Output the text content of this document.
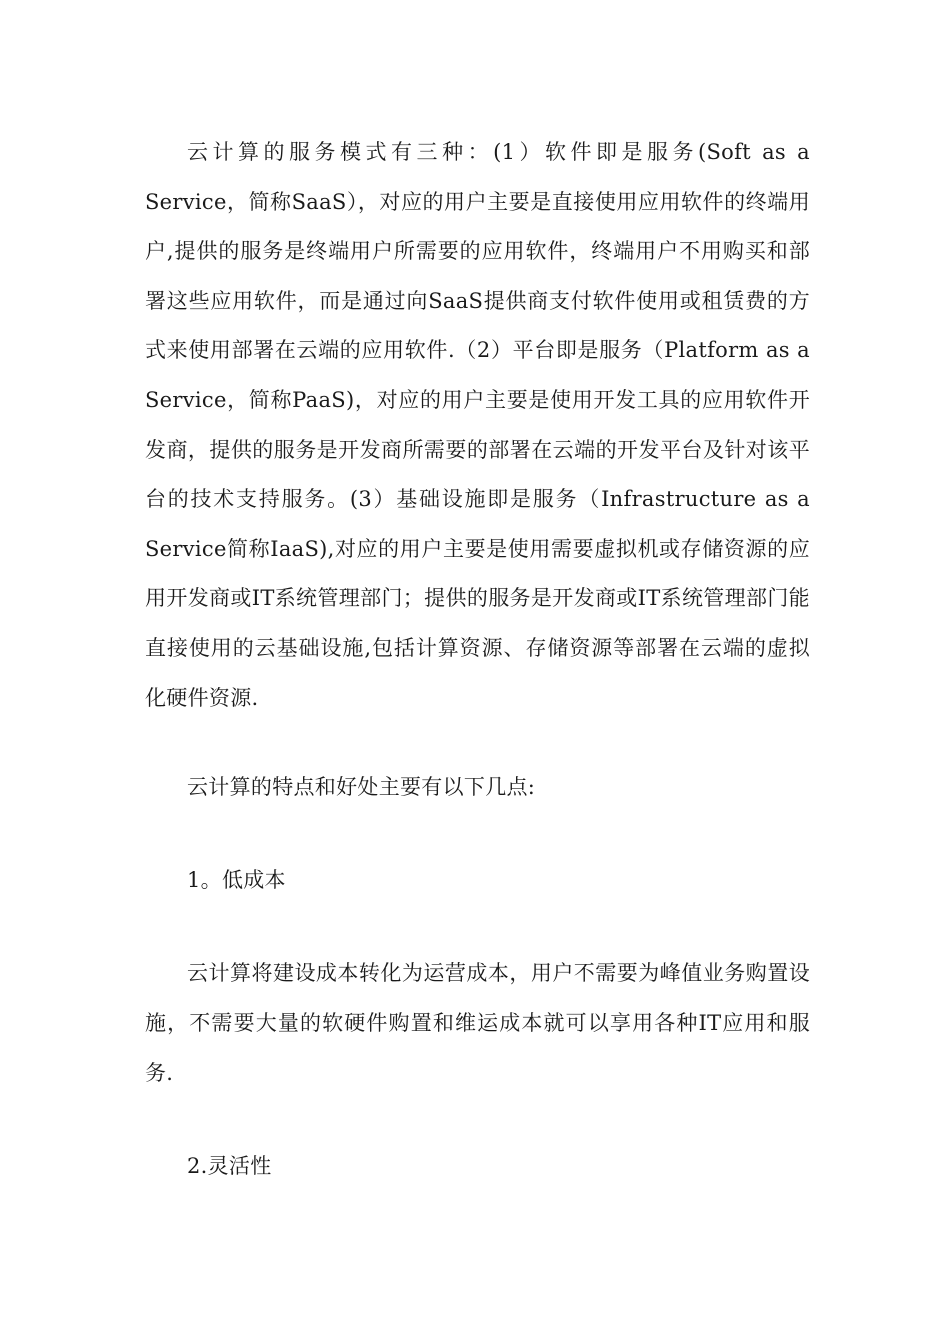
云计算的服务模式有三种：(1）软件即是服务(Soft as a Service，简称SaaS），对应的用户主要是直接使用应用软件的终端用户,提供的服务是终端用户所需要的应用软件，终端用户不用购买和部署这些应用软件，而是通过向SaaS提供商支付软件使用或租赁费的方式来使用部署在云端的应用软件.（2）平台即是服务（Platform as a Service，简称PaaS)，对应的用户主要是使用开发工具的应用软件开发商，提供的服务是开发商所需要的部署在云端的开发平台及针对该平台的技术支持服务。(3）基础设施即是服务（Infrastructure as a Service简称IaaS),对应的用户主要是使用需要虚拟机或存储资源的应用开发商或IT系统管理部门；提供的服务是开发商或IT系统管理部门能直接使用的云基础设施,包括计算资源、存储资源等部署在云端的虚拟化硬件资源.

云计算的特点和好处主要有以下几点:

1。低成本

云计算将建设成本转化为运营成本，用户不需要为峰值业务购置设施，不需要大量的软硬件购置和维运成本就可以享用各种IT应用和服务.

2.灵活性
